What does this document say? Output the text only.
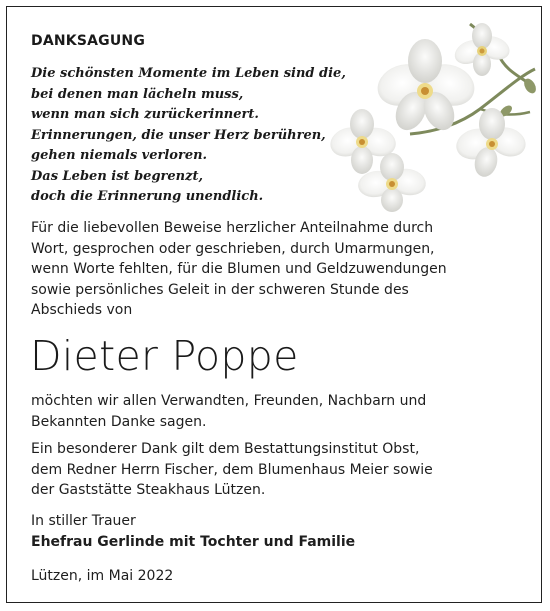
DANKSAGUNG
Die schönsten Momente im Leben sind die,
bei denen man lächeln muss,
wenn man sich zurückerinnert.
Erinnerungen, die unser Herz berühren,
gehen niemals verloren.
Das Leben ist begrenzt,
doch die Erinnerung unendlich.
Für die liebevollen Beweise herzlicher Anteilnahme durch
Wort, gesprochen oder geschrieben, durch Umarmungen,
wenn Worte fehlten, für die Blumen und Geldzuwendungen
sowie persönliches Geleit in der schweren Stunde des
Abschieds von
Dieter Poppe
möchten wir allen Verwandten, Freunden, Nachbarn und
Bekannten Danke sagen.
Ein besonderer Dank gilt dem Bestattungsinstitut Obst,
dem Redner Herrn Fischer, dem Blumenhaus Meier sowie
der Gaststätte Steakhaus Lützen.
In stiller Trauer
Ehefrau Gerlinde mit Tochter und Familie
Lützen, im Mai 2022
